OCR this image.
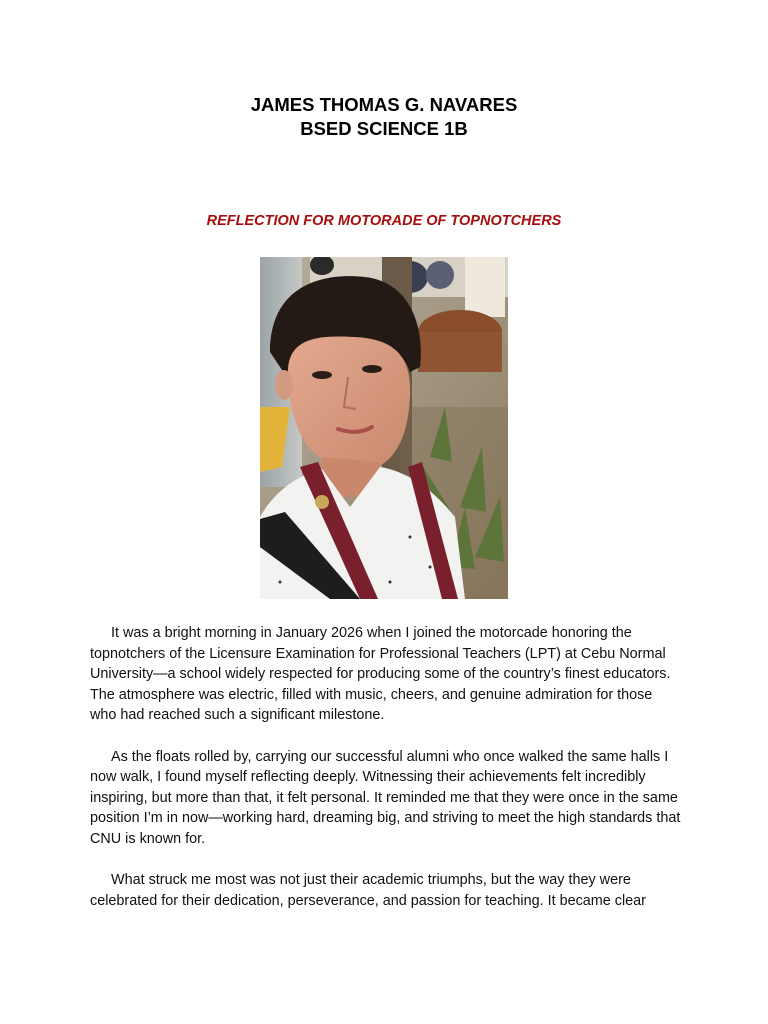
JAMES THOMAS G. NAVARES
BSED SCIENCE 1B
REFLECTION FOR MOTORADE OF TOPNOTCHERS

It was a bright morning in January 2026 when I joined the motorcade honoring the topnotchers of the Licensure Examination for Professional Teachers (LPT) at Cebu Normal University—a school widely respected for producing some of the country’s finest educators. The atmosphere was electric, filled with music, cheers, and genuine admiration for those who had reached such a significant milestone.

As the floats rolled by, carrying our successful alumni who once walked the same halls I now walk, I found myself reflecting deeply. Witnessing their achievements felt incredibly inspiring, but more than that, it felt personal. It reminded me that they were once in the same position I’m in now—working hard, dreaming big, and striving to meet the high standards that CNU is known for.

What struck me most was not just their academic triumphs, but the way they were celebrated for their dedication, perseverance, and passion for teaching. It became clear
